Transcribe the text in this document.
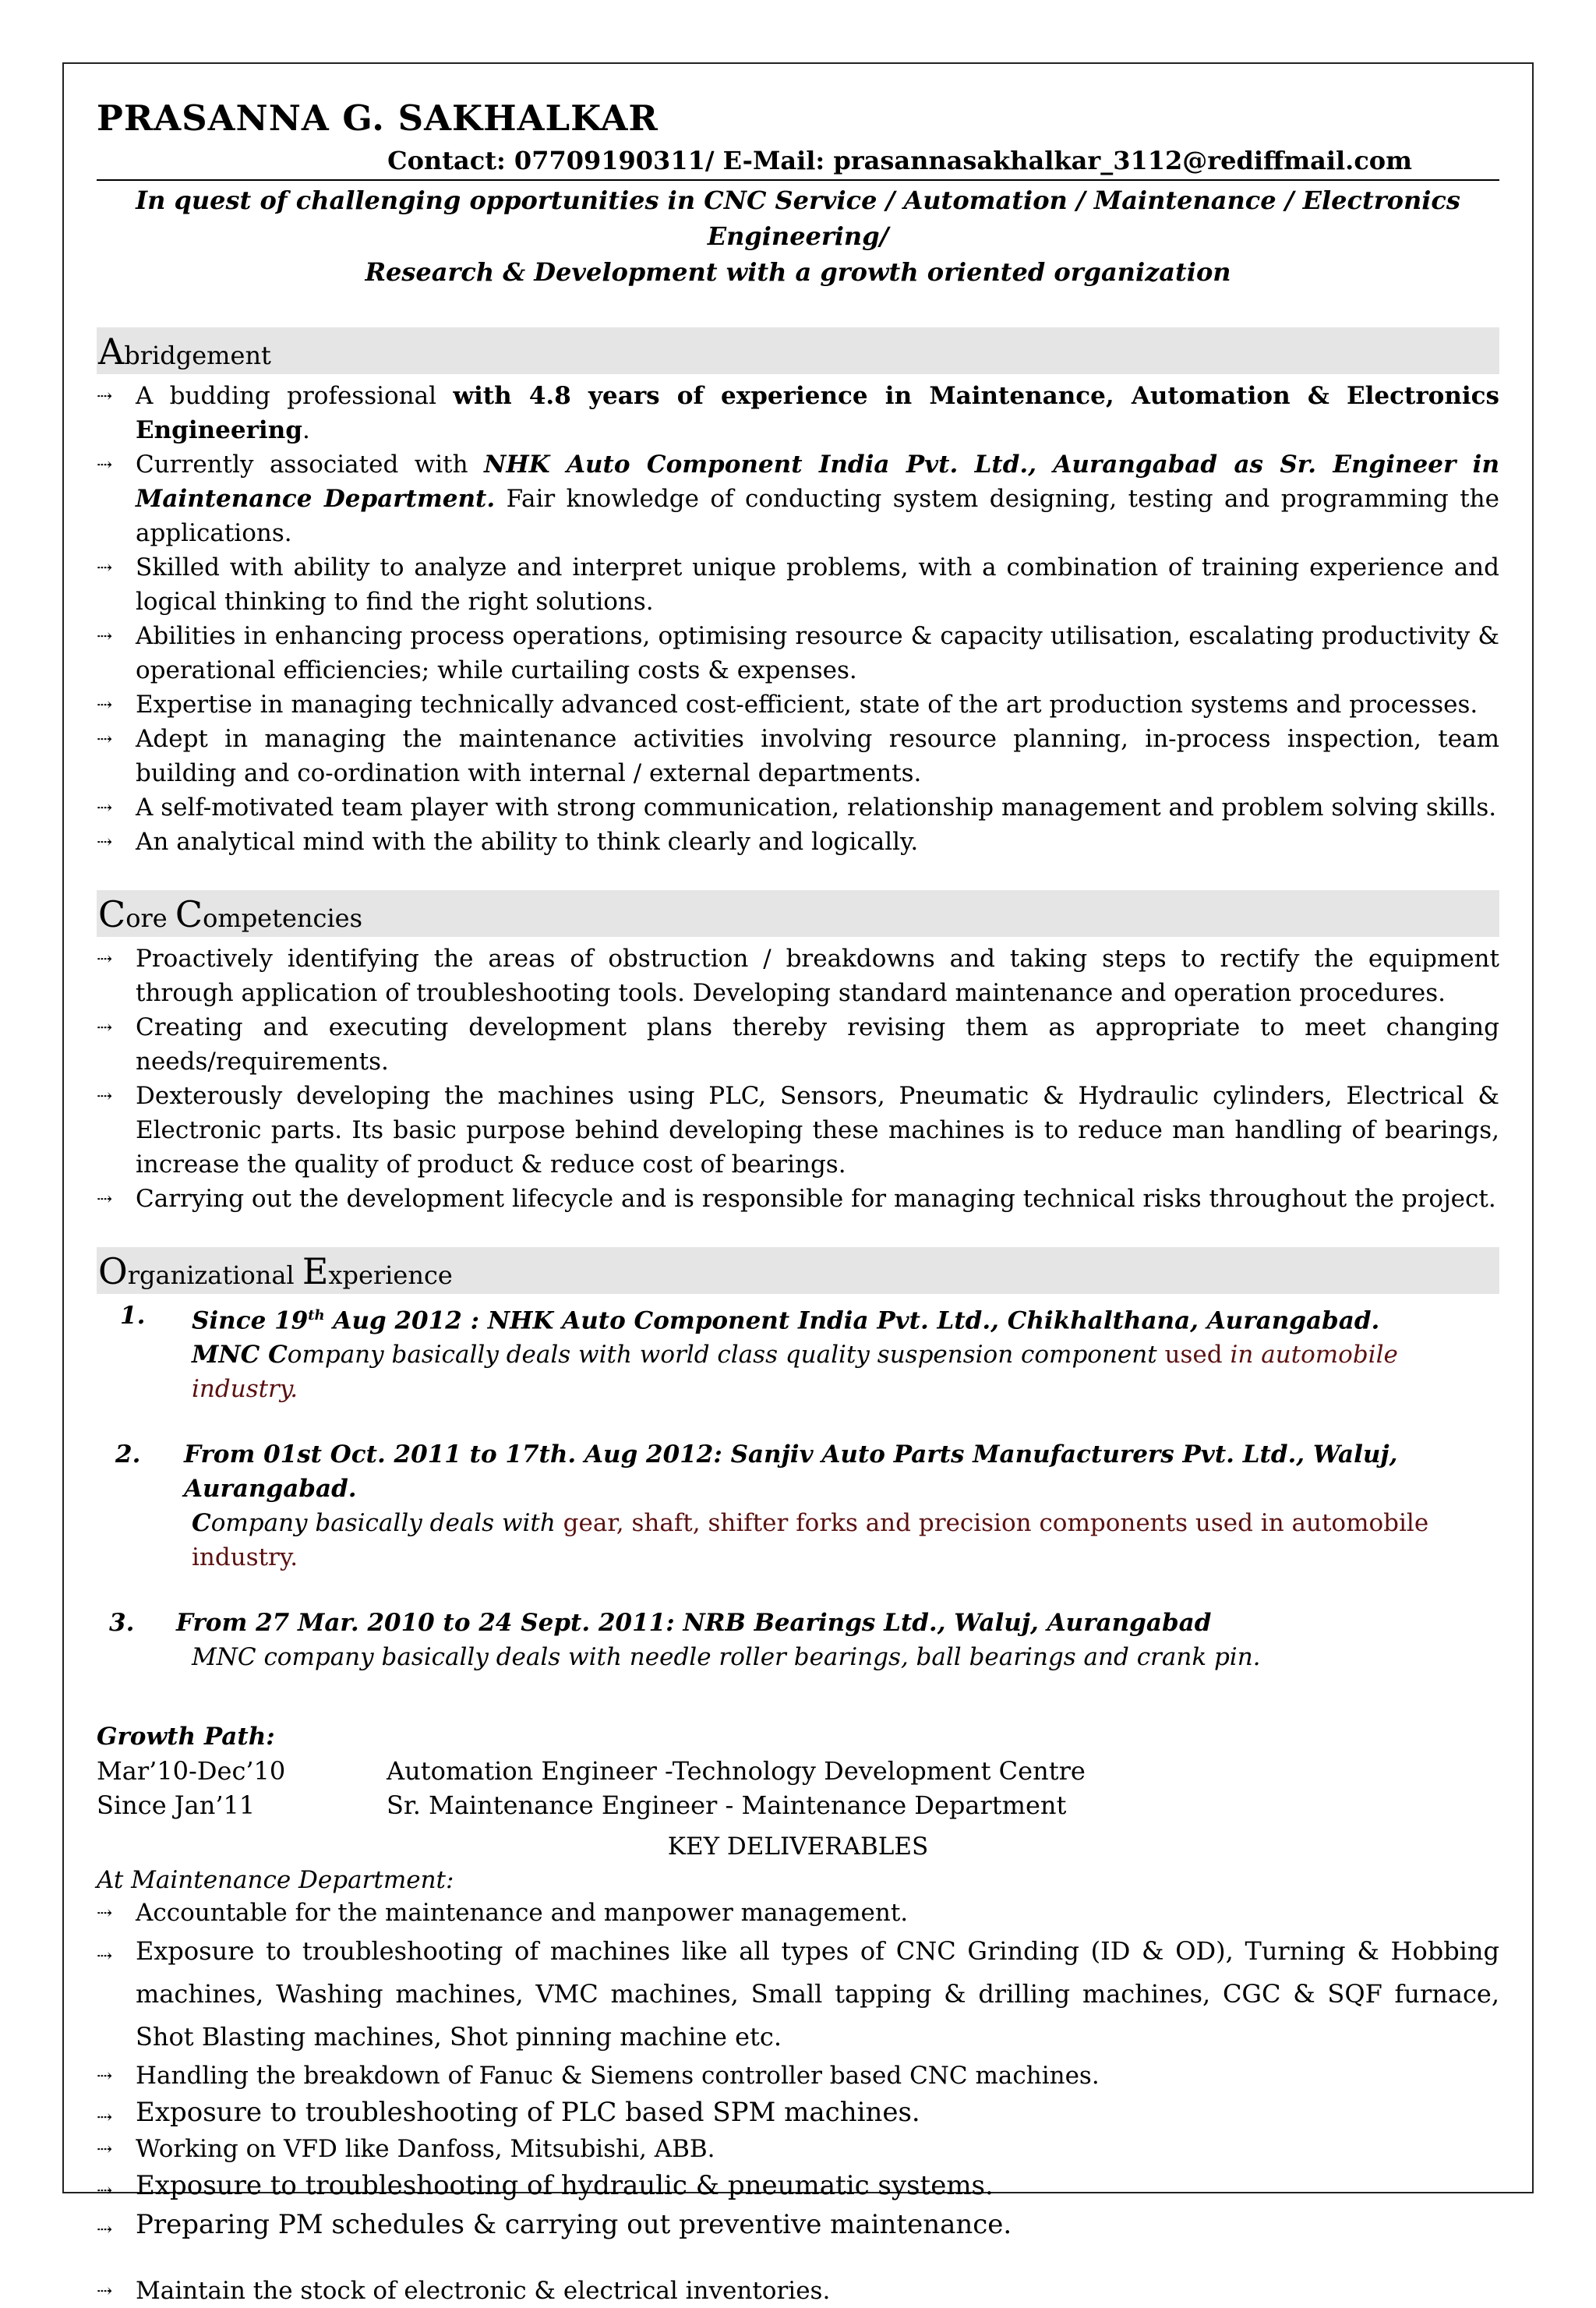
PRASANNA G. SAKHALKAR
Contact: 07709190311/ E-Mail: prasannasakhalkar_3112@rediffmail.com
In quest of challenging opportunities in CNC Service / Automation / Maintenance / Electronics Engineering/
Research & Development with a growth oriented organization
Abridgement
⇢ A budding professional with 4.8 years of experience in Maintenance, Automation & Electronics Engineering.
⇢ Currently associated with NHK Auto Component India Pvt. Ltd., Aurangabad as Sr. Engineer in Maintenance Department. Fair knowledge of conducting system designing, testing and programming the applications.
⇢ Skilled with ability to analyze and interpret unique problems, with a combination of training experience and logical thinking to find the right solutions.
⇢ Abilities in enhancing process operations, optimising resource & capacity utilisation, escalating productivity & operational efficiencies; while curtailing costs & expenses.
⇢ Expertise in managing technically advanced cost-efficient, state of the art production systems and processes.
⇢ Adept in managing the maintenance activities involving resource planning, in-process inspection, team building and co-ordination with internal / external departments.
⇢ A self-motivated team player with strong communication, relationship management and problem solving skills.
⇢ An analytical mind with the ability to think clearly and logically.
Core Competencies
⇢ Proactively identifying the areas of obstruction / breakdowns and taking steps to rectify the equipment through application of troubleshooting tools. Developing standard maintenance and operation procedures.
⇢ Creating and executing development plans thereby revising them as appropriate to meet changing needs/requirements.
⇢ Dexterously developing the machines using PLC, Sensors, Pneumatic & Hydraulic cylinders, Electrical & Electronic parts. Its basic purpose behind developing these machines is to reduce man handling of bearings, increase the quality of product & reduce cost of bearings.
⇢ Carrying out the development lifecycle and is responsible for managing technical risks throughout the project.
Organizational Experience
1. Since 19th Aug 2012 : NHK Auto Component India Pvt. Ltd., Chikhalthana, Aurangabad.
MNC Company basically deals with world class quality suspension component used in automobile industry.
2. From 01st Oct. 2011 to 17th. Aug 2012: Sanjiv Auto Parts Manufacturers Pvt. Ltd., Waluj, Aurangabad.
Company basically deals with gear, shaft, shifter forks and precision components used in automobile industry.
3. From 27 Mar. 2010 to 24 Sept. 2011: NRB Bearings Ltd., Waluj, Aurangabad
MNC company basically deals with needle roller bearings, ball bearings and crank pin.
Growth Path:
Mar’10-Dec’10	Automation Engineer -Technology Development Centre
Since Jan’11	Sr. Maintenance Engineer - Maintenance Department
KEY DELIVERABLES
At Maintenance Department:
⇢ Accountable for the maintenance and manpower management.
⇢ Exposure to troubleshooting of machines like all types of CNC Grinding (ID & OD), Turning & Hobbing machines, Washing machines, VMC machines, Small tapping & drilling machines, CGC & SQF furnace, Shot Blasting machines, Shot pinning machine etc.
⇢ Handling the breakdown of Fanuc & Siemens controller based CNC machines.
⇢ Exposure to troubleshooting of PLC based SPM machines.
⇢ Working on VFD like Danfoss, Mitsubishi, ABB.
⇢ Exposure to troubleshooting of hydraulic & pneumatic systems.
⇢ Preparing PM schedules & carrying out preventive maintenance.
⇢ Maintain the stock of electronic & electrical inventories.
